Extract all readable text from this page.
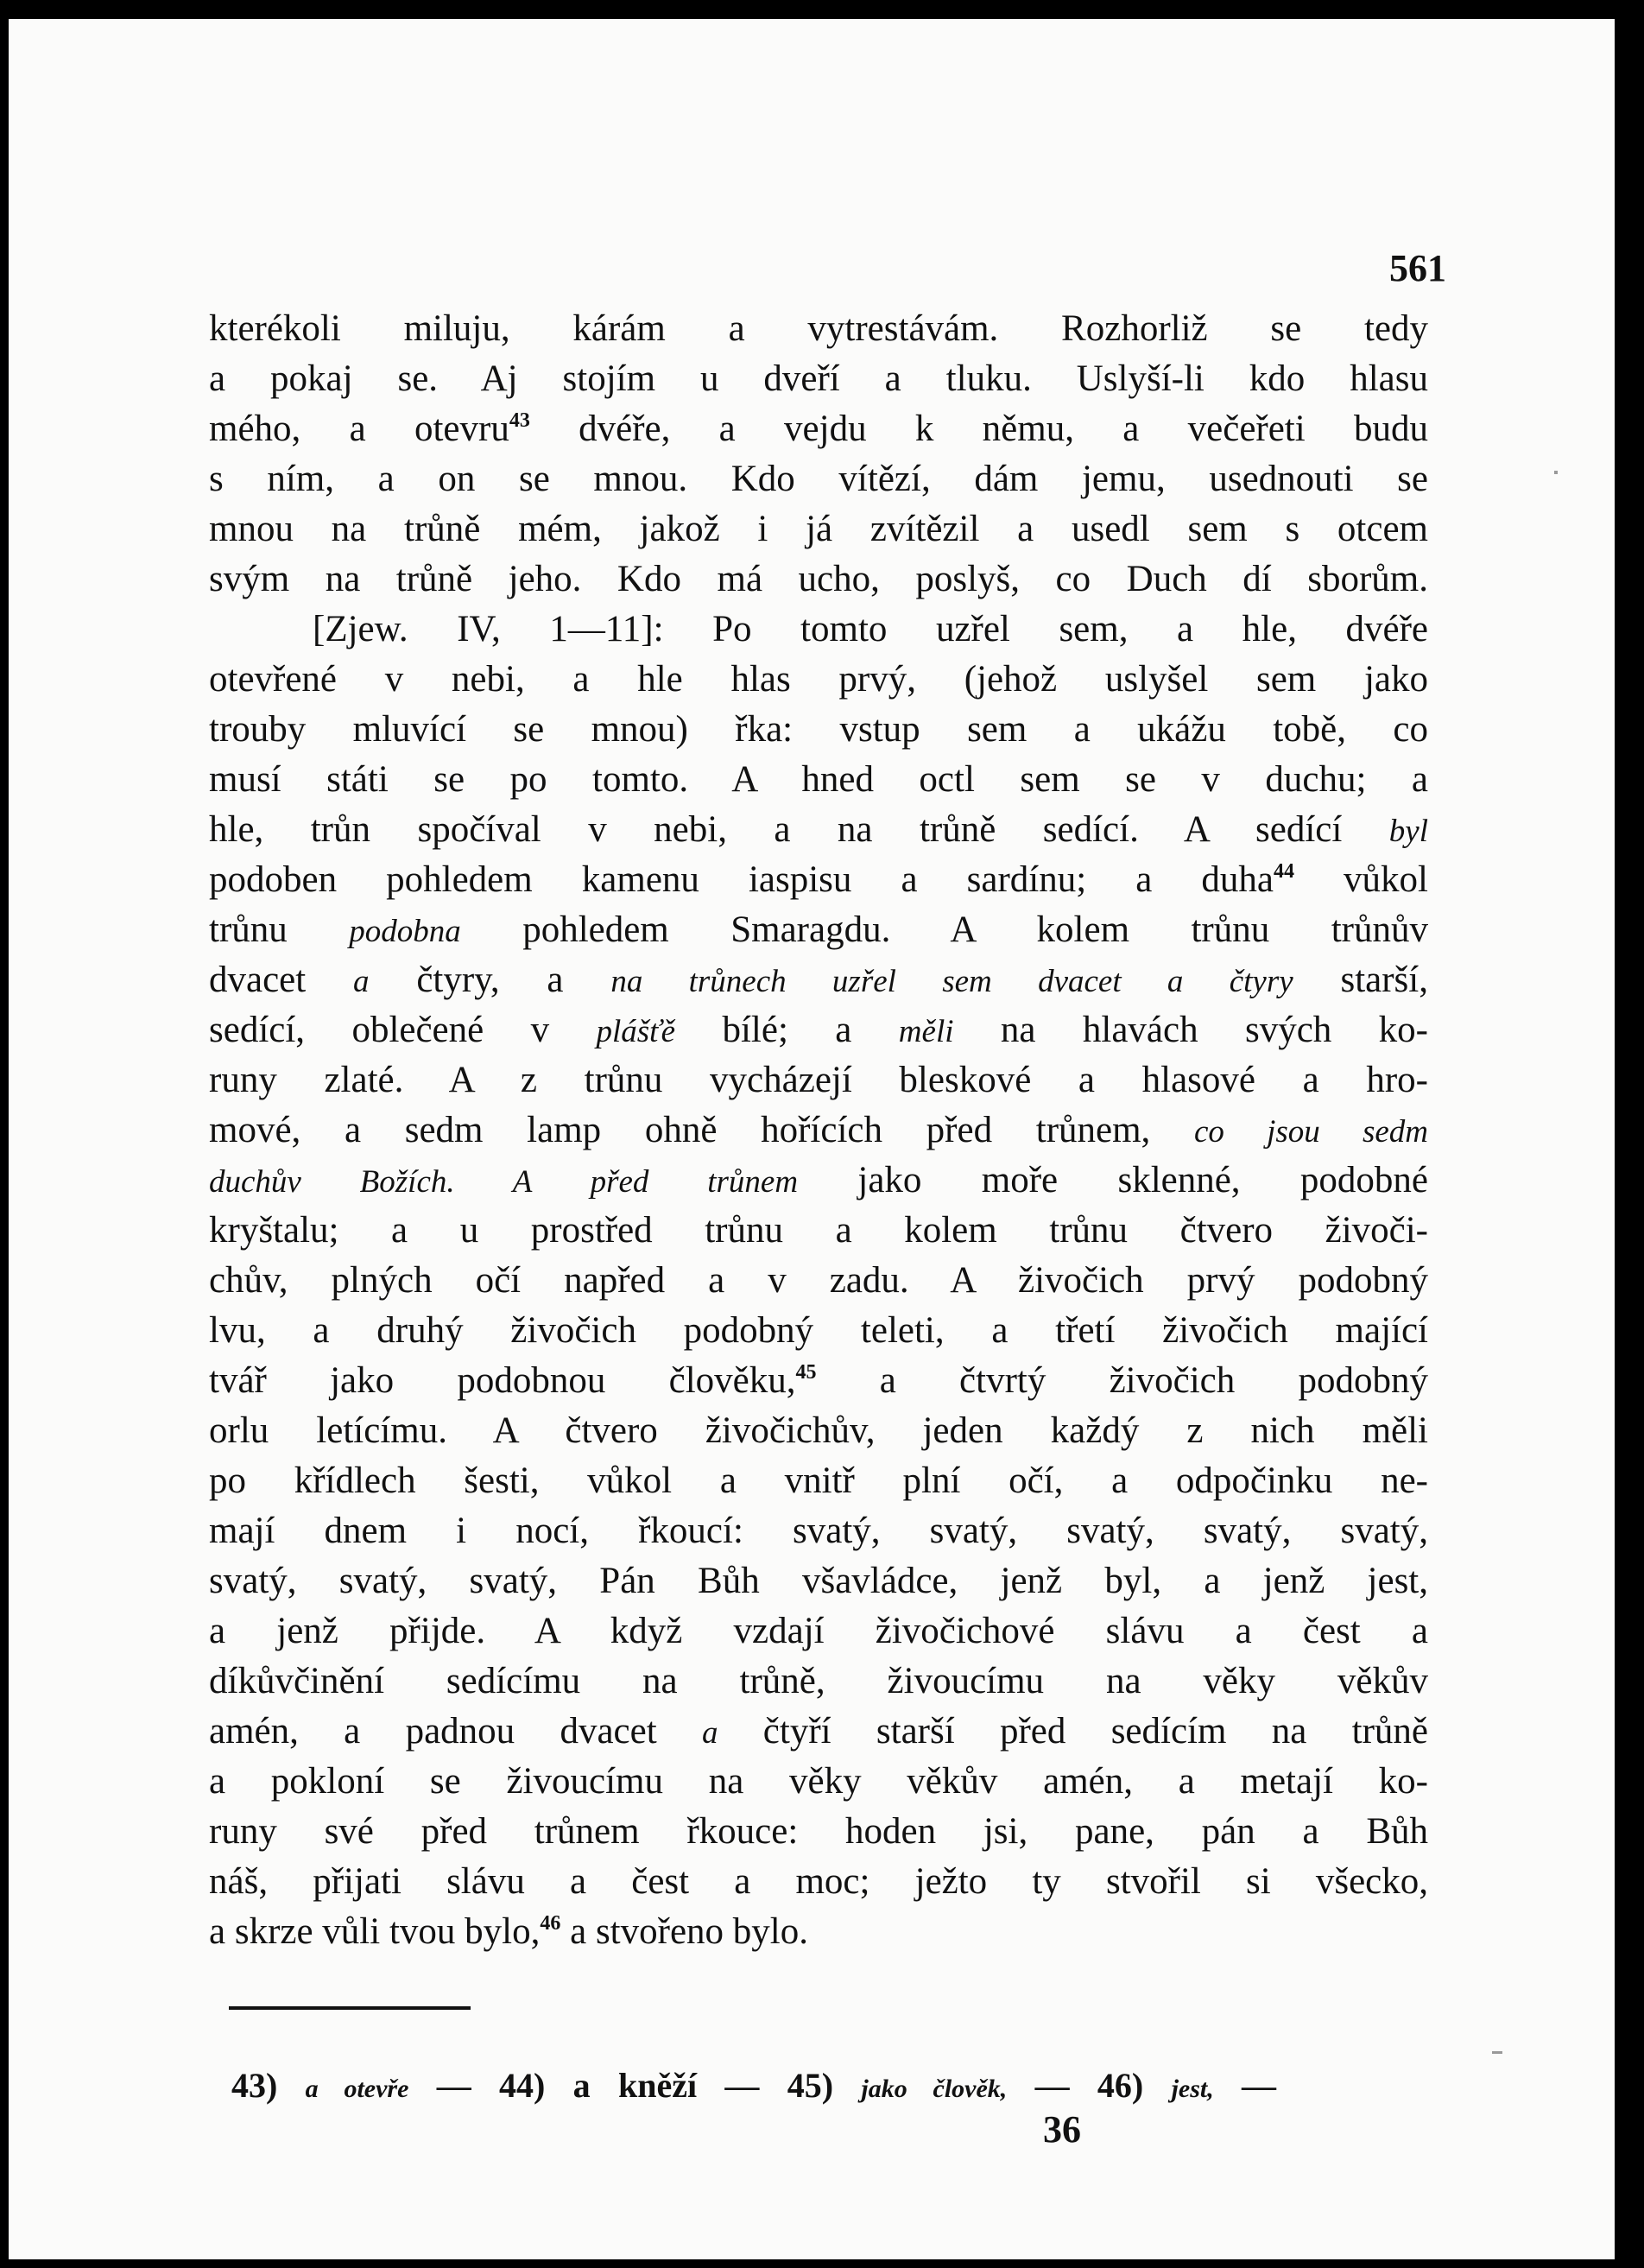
561
kterékoli miluju, kárám a vytrestávám. Rozhorliž se tedy
a pokaj se. Aj stojím u dveří a tluku. Uslyší-li kdo hlasu
mého, a otevru$^{43}$ dvéře, a vejdu k němu, a večeřeti budu
s ním, a on se mnou. Kdo vítězí, dám jemu, usednouti se
mnou na trůně mém, jakož i já zvítězil a usedl sem s otcem
svým na trůně jeho. Kdo má ucho, poslyš, co Duch dí sborům.
[Zjew. IV, 1—11]: Po tomto uzřel sem, a hle, dvéře
otevřené v nebi, a hle hlas prvý, (jehož uslyšel sem jako
trouby mluvící se mnou) řka: vstup sem a ukážu tobě, co
musí státi se po tomto. A hned octl sem se v duchu; a
hle, trůn spočíval v nebi, a na trůně sedící. A sedící byl
podoben pohledem kamenu iaspisu a sardínu; a duha$^{44}$ vůkol
trůnu podobna pohledem Smaragdu. A kolem trůnu trůnův
dvacet a čtyry, a na trůnech uzřel sem dvacet a čtyry starší,
sedící, oblečené v plášťě bílé; a měli na hlavách svých ko-
runy zlaté. A z trůnu vycházejí bleskové a hlasové a hro-
mové, a sedm lamp ohně hořících před trůnem, co jsou sedm
duchův Božích. A před trůnem jako moře sklenné, podobné
kryštalu; a u prostřed trůnu a kolem trůnu čtvero živoči-
chův, plných očí napřed a v zadu. A živočich prvý podobný
lvu, a druhý živočich podobný teleti, a třetí živočich mající
tvář jako podobnou člověku,$^{45}$ a čtvrtý živočich podobný
orlu letícímu. A čtvero živočichův, jeden každý z nich měli
po křídlech šesti, vůkol a vnitř plní očí, a odpočinku ne-
mají dnem i nocí, řkoucí: svatý, svatý, svatý, svatý, svatý,
svatý, svatý, svatý, Pán Bůh všavládce, jenž byl, a jenž jest,
a jenž přijde. A když vzdají živočichové slávu a čest a
díkůvčinění sedícímu na trůně, živoucímu na věky věkův
amén, a padnou dvacet a čtyří starší před sedícím na trůně
a pokloní se živoucímu na věky věkův amén, a metají ko-
runy své před trůnem řkouce: hoden jsi, pane, pán a Bůh
náš, přijati slávu a čest a moc; ježto ty stvořil si všecko,
a skrze vůli tvou bylo,$^{46}$ a stvořeno bylo.
43) a otevře — 44) a kněží — 45) jako člověk, — 46) jest, —
36
